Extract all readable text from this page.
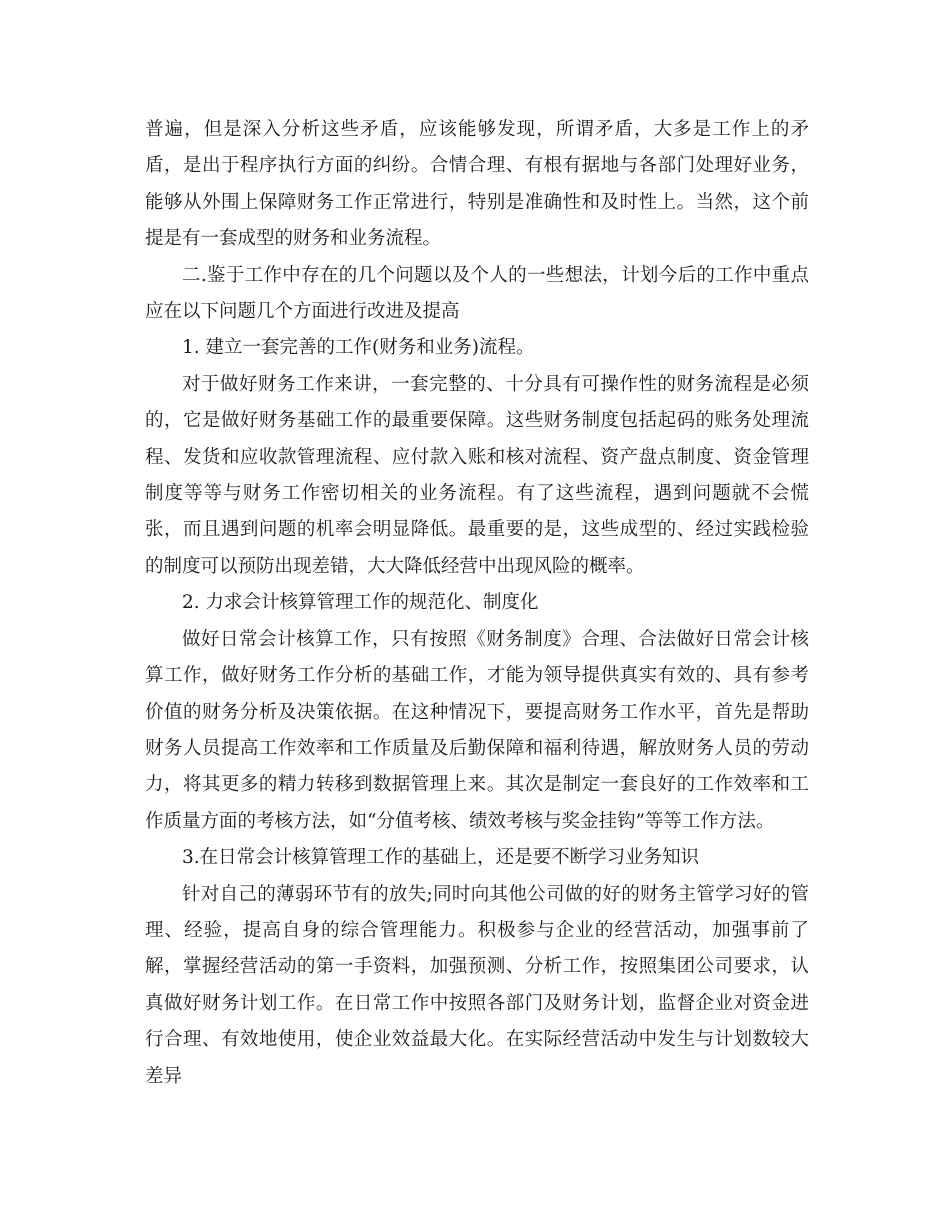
普遍，但是深入分析这些矛盾，应该能够发现，所谓矛盾，大多是工作上的矛盾，是出于程序执行方面的纠纷。合情合理、有根有据地与各部门处理好业务，能够从外围上保障财务工作正常进行，特别是准确性和及时性上。当然，这个前提是有一套成型的财务和业务流程。

二.鉴于工作中存在的几个问题以及个人的一些想法，计划今后的工作中重点应在以下问题几个方面进行改进及提高

1. 建立一套完善的工作(财务和业务)流程。

对于做好财务工作来讲，一套完整的、十分具有可操作性的财务流程是必须的，它是做好财务基础工作的最重要保障。这些财务制度包括起码的账务处理流程、发货和应收款管理流程、应付款入账和核对流程、资产盘点制度、资金管理制度等等与财务工作密切相关的业务流程。有了这些流程，遇到问题就不会慌张，而且遇到问题的机率会明显降低。最重要的是，这些成型的、经过实践检验的制度可以预防出现差错，大大降低经营中出现风险的概率。

2. 力求会计核算管理工作的规范化、制度化

做好日常会计核算工作，只有按照《财务制度》合理、合法做好日常会计核算工作，做好财务工作分析的基础工作，才能为领导提供真实有效的、具有参考价值的财务分析及决策依据。在这种情况下，要提高财务工作水平，首先是帮助财务人员提高工作效率和工作质量及后勤保障和福利待遇，解放财务人员的劳动力，将其更多的精力转移到数据管理上来。其次是制定一套良好的工作效率和工作质量方面的考核方法，如“分值考核、绩效考核与奖金挂钩”等等工作方法。

3.在日常会计核算管理工作的基础上，还是要不断学习业务知识

针对自己的薄弱环节有的放失;同时向其他公司做的好的财务主管学习好的管理、经验，提高自身的综合管理能力。积极参与企业的经营活动，加强事前了解，掌握经营活动的第一手资料，加强预测、分析工作，按照集团公司要求，认真做好财务计划工作。在日常工作中按照各部门及财务计划，监督企业对资金进行合理、有效地使用，使企业效益最大化。在实际经营活动中发生与计划数较大差异
